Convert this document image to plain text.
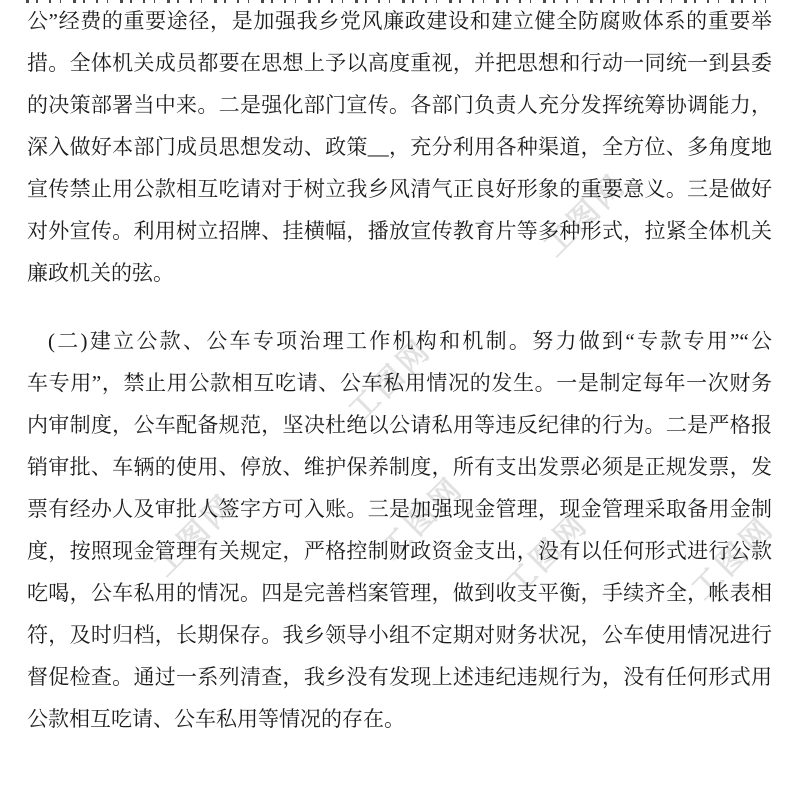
工图网
工图网
工图网	工图网 工图网	工图网
公”经费的重要途径，是加强我乡党风廉政建设和建立健全防腐败体系的重要举
措。全体机关成员都要在思想上予以高度重视，并把思想和行动一同统一到县委
的决策部署当中来。二是强化部门宣传。各部门负责人充分发挥统筹协调能力，
深入做好本部门成员思想发动、政策__，充分利用各种渠道，全方位、多角度地
宣传禁止用公款相互吃请对于树立我乡风清气正良好形象的重要意义。三是做好
对外宣传。利用树立招牌、挂横幅，播放宣传教育片等多种形式，拉紧全体机关
廉政机关的弦。
(二)建立公款、公车专项治理工作机构和机制。努力做到“专款专用”“公
车专用”，禁止用公款相互吃请、公车私用情况的发生。一是制定每年一次财务
内审制度，公车配备规范，坚决杜绝以公请私用等违反纪律的行为。二是严格报
销审批、车辆的使用、停放、维护保养制度，所有支出发票必须是正规发票，发
票有经办人及审批人签字方可入账。三是加强现金管理，现金管理采取备用金制
度，按照现金管理有关规定，严格控制财政资金支出，没有以任何形式进行公款
吃喝，公车私用的情况。四是完善档案管理，做到收支平衡，手续齐全，帐表相
符，及时归档，长期保存。我乡领导小组不定期对财务状况，公车使用情况进行
督促检查。通过一系列清查，我乡没有发现上述违纪违规行为，没有任何形式用
公款相互吃请、公车私用等情况的存在。
